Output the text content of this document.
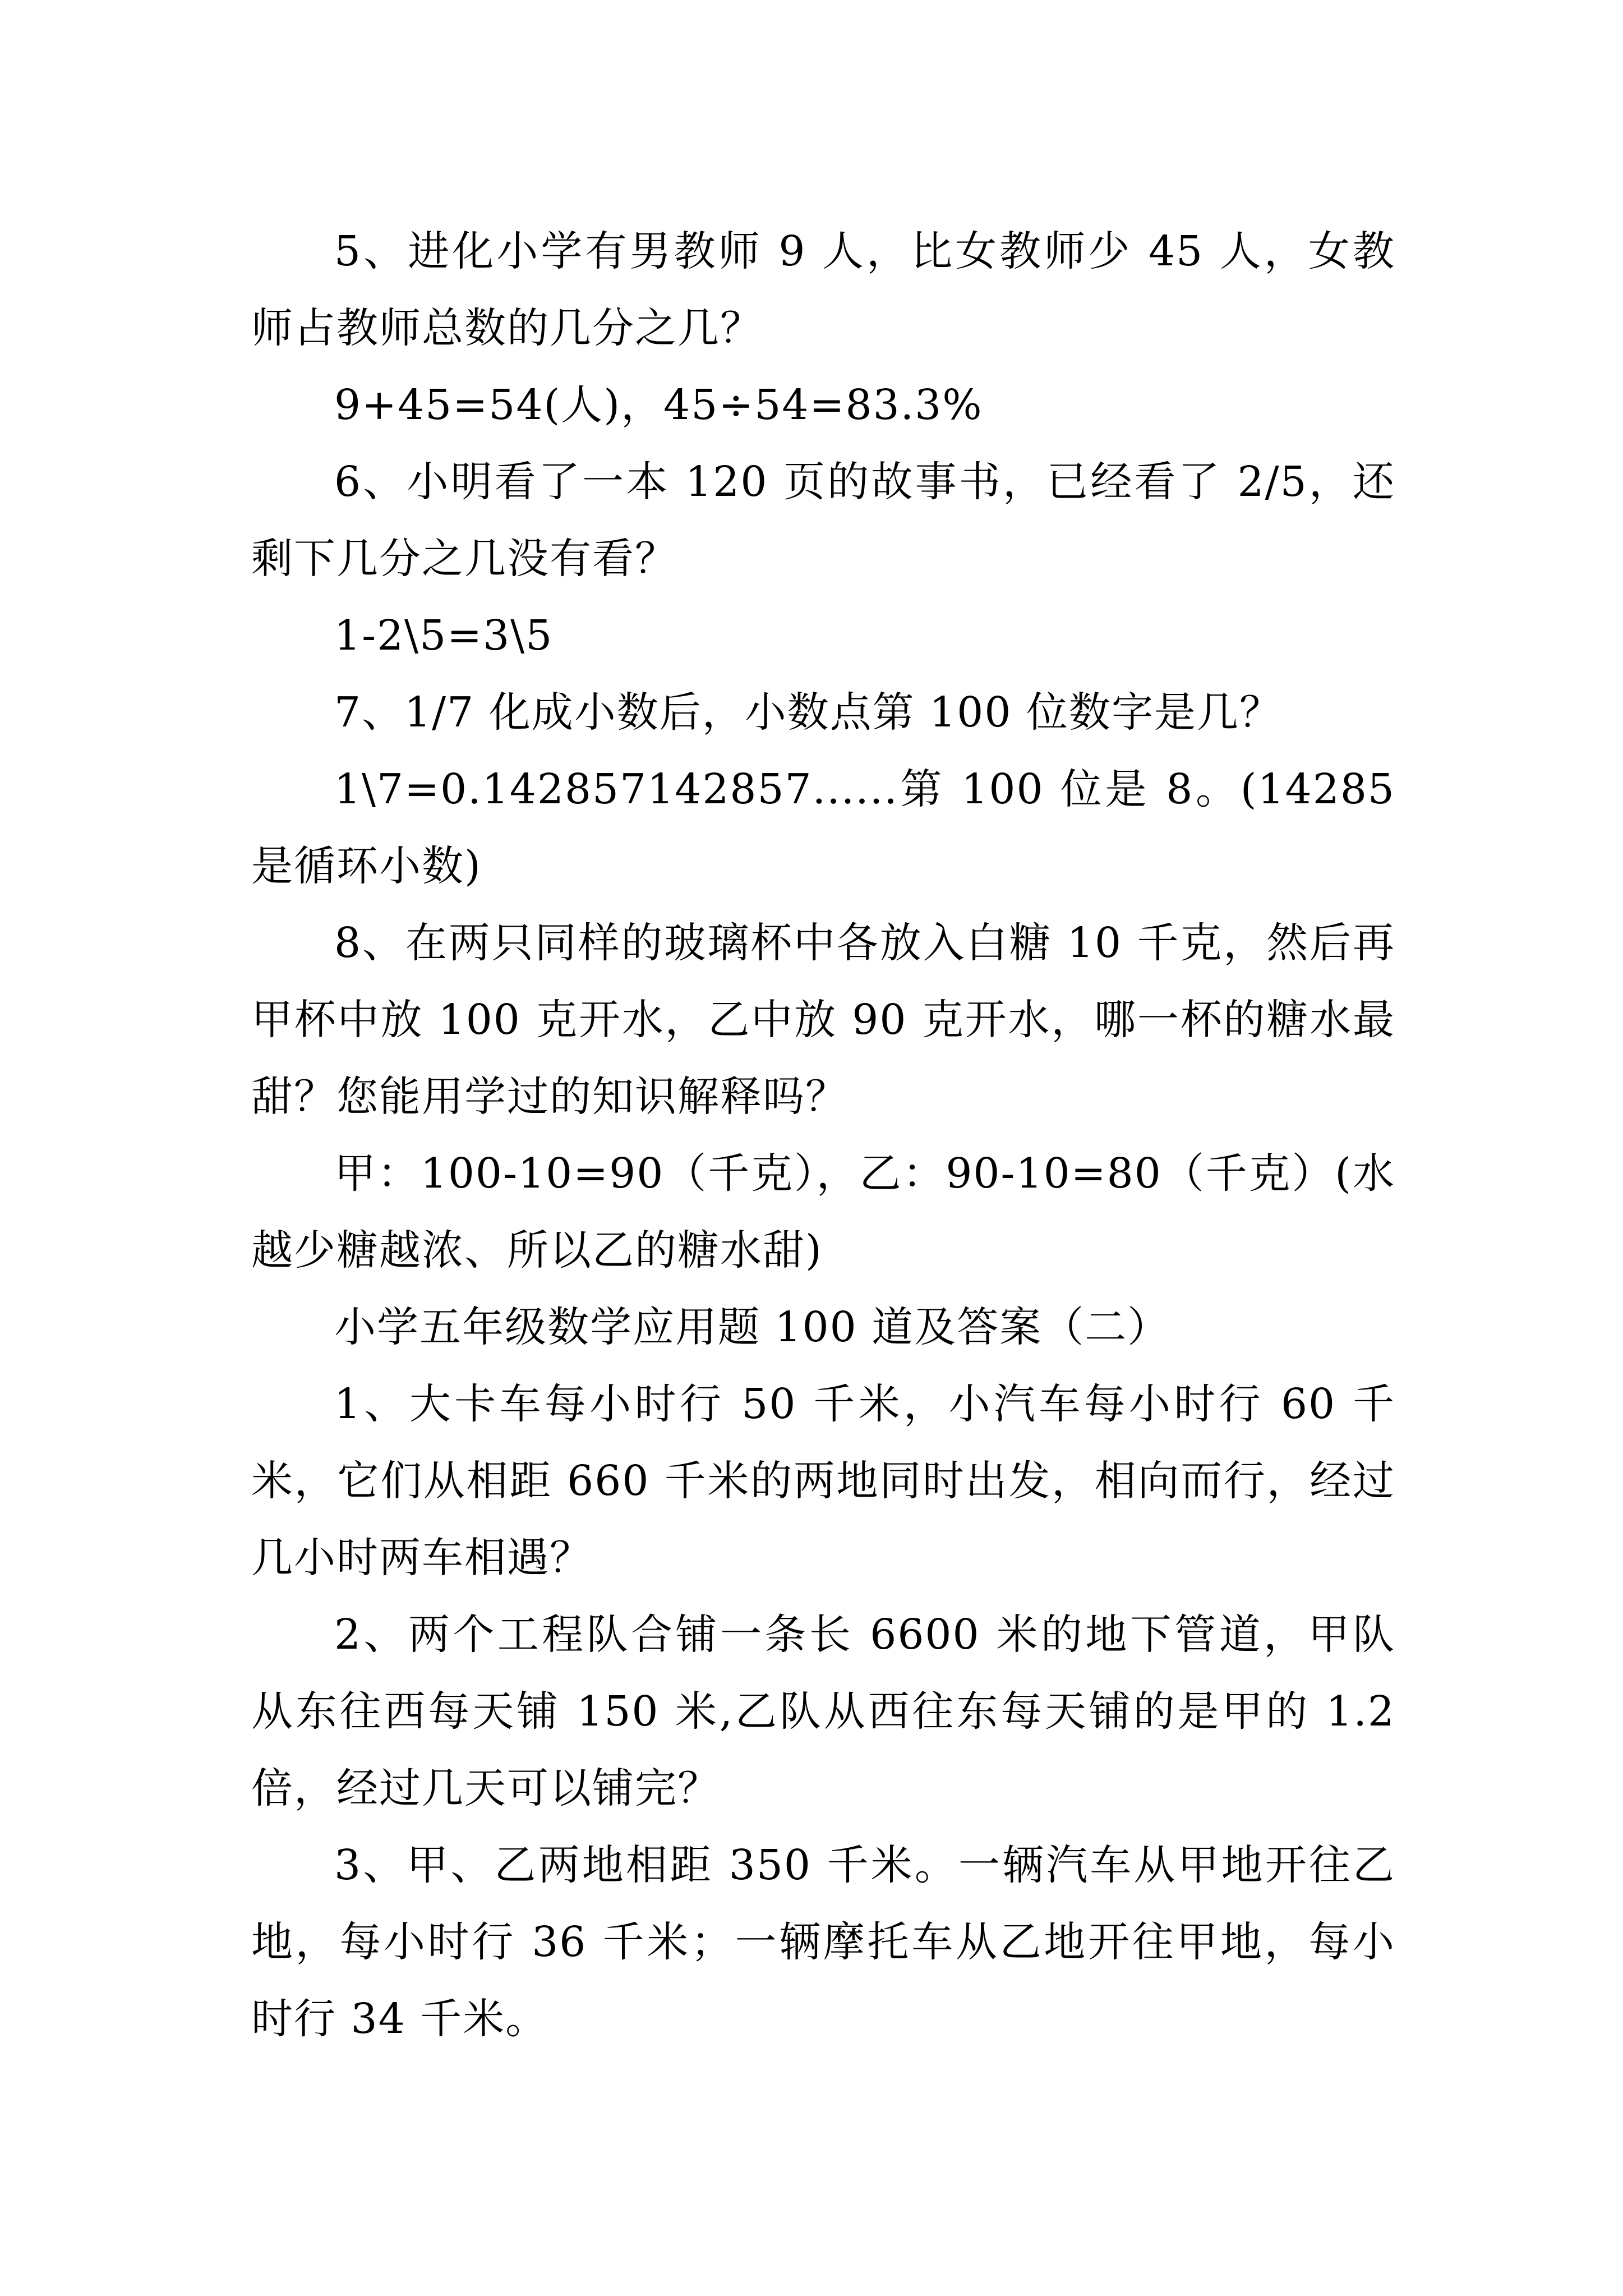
5、进化小学有男教师 9 人，比女教师少 45 人，女教师占教师总数的几分之几？

9+45=54(人)，45÷54=83.3%

6、小明看了一本 120 页的故事书，已经看了 2/5，还剩下几分之几没有看？

1-2\5=3\5

7、1/7 化成小数后，小数点第 100 位数字是几？

1\7=0.142857142857......第 100 位是 8。(14285 是循环小数)

8、在两只同样的玻璃杯中各放入白糖 10 千克，然后再甲杯中放 100 克开水，乙中放 90 克开水，哪一杯的糖水最甜？您能用学过的知识解释吗？

甲：100-10=90（千克），乙：90-10=80（千克）(水越少糖越浓、所以乙的糖水甜)

小学五年级数学应用题 100 道及答案（二）

1、大卡车每小时行 50 千米，小汽车每小时行 60 千米，它们从相距 660 千米的两地同时出发，相向而行，经过几小时两车相遇？

2、两个工程队合铺一条长 6600 米的地下管道，甲队从东往西每天铺 150 米,乙队从西往东每天铺的是甲的 1.2 倍，经过几天可以铺完？

3、甲、乙两地相距 350 千米。一辆汽车从甲地开往乙地，每小时行 36 千米；一辆摩托车从乙地开往甲地，每小时行 34 千米。
